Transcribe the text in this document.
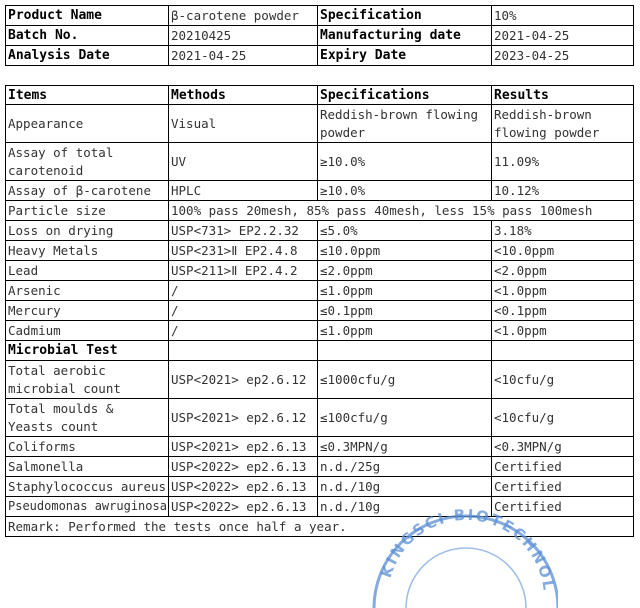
Product Name	β-carotene powder	Specification	10%
Batch No.	20210425	Manufacturing date	2021-04-25
Analysis Date	2021-04-25	Expiry Date	2023-04-25
Items	Methods	Specifications	Results
Appearance	Visual	Reddish-brown flowing powder	Reddish-brown flowing powder
Assay of total carotenoid	UV	≥10.0%	11.09%
Assay of β-carotene	HPLC	≥10.0%	10.12%
Particle size	100% pass 20mesh, 85% pass 40mesh, less 15% pass 100mesh		
Loss on drying	USP<731> EP2.2.32	≤5.0%	3.18%
Heavy Metals	USP<231>Ⅱ EP2.4.8	≤10.0ppm	<10.0ppm
Lead	USP<211>Ⅱ EP2.4.2	≤2.0ppm	<2.0ppm
Arsenic	/	≤1.0ppm	<1.0ppm
Mercury	/	≤0.1ppm	<0.1ppm
Cadmium	/	≤1.0ppm	<1.0ppm
Microbial Test			
Total aerobic microbial count	USP<2021> ep2.6.12	≤1000cfu/g	<10cfu/g
Total moulds & Yeasts count	USP<2021> ep2.6.12	≤100cfu/g	<10cfu/g
Coliforms	USP<2021> ep2.6.13	≤0.3MPN/g	<0.3MPN/g
Salmonella	USP<2022> ep2.6.13	n.d./25g	Certified
Staphylococcus aureus	USP<2022> ep2.6.13	n.d./10g	Certified
Pseudomonas awruginosa	USP<2022> ep2.6.13	n.d./10g	Certified
Remark: Performed the tests once half a year.			
KINGSCI BIOTECHNOL
